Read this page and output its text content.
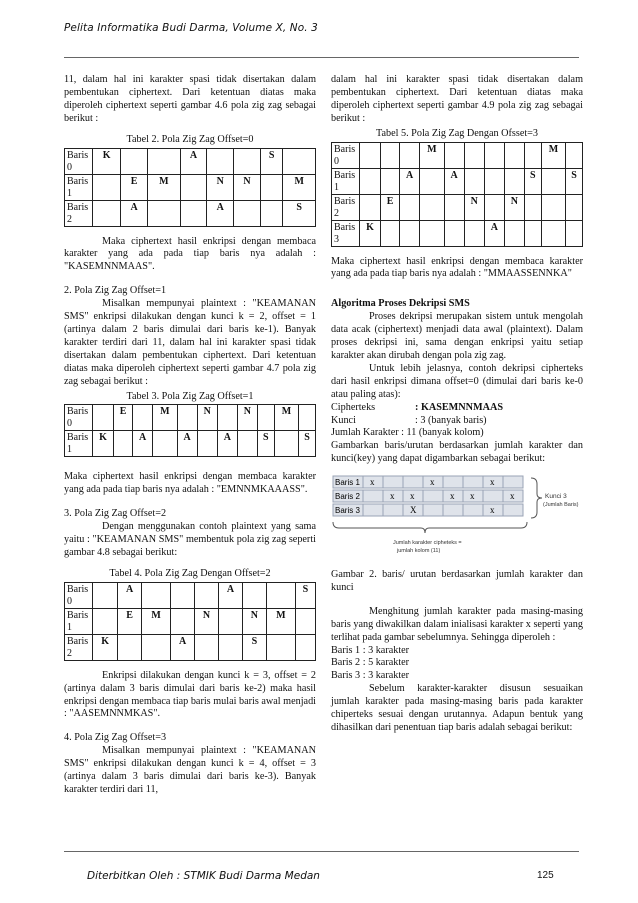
Pelita Informatika Budi Darma, Volume X, No. 3
11, dalam hal ini karakter spasi tidak disertakan dalam pembentukan ciphertext. Dari ketentuan diatas maka diperoleh ciphertext seperti gambar 4.6 pola zig zag sebagai berikut :
Tabel 2. Pola Zig Zag Offset=0
Baris 0	K			A			S	
Baris 1		E	M		N	N		M
Baris 2		A			A			S
Maka ciphertext hasil enkripsi dengan membaca karakter yang ada pada tiap baris nya adalah : "KASEMNNMAAS".
2. Pola Zig Zag Offset=1
Misalkan mempunyai plaintext : "KEAMANAN SMS" enkripsi dilakukan dengan kunci k = 2, offset = 1 (artinya dalam 2 baris dimulai dari baris ke-1). Banyak karakter terdiri dari 11, dalam hal ini karakter spasi tidak disertakan dalam pembentukan ciphertext. Dari ketentuan diatas maka diperoleh ciphertext seperti gambar 4.7 pola zig zag sebagai berikut :
Tabel 3. Pola Zig Zag Offset=1
Baris 0		E		M		N		N		M	
Baris 1	K		A		A		A		S		S
Maka ciphertext hasil enkripsi dengan membaca karakter yang ada pada tiap baris nya adalah : "EMNNMKAAASS".
3. Pola Zig Zag Offset=2
Dengan menggunakan contoh plaintext yang sama yaitu : "KEAMANAN SMS" membentuk pola zig zag seperti gambar 4.8 sebagai berikut:
Tabel 4. Pola Zig Zag Dengan Offset=2
Baris 0		A				A			S
Baris 1		E	M		N		N	M	
Baris 2	K			A			S		
Enkripsi dilakukan dengan kunci k = 3, offset = 2 (artinya dalam 3 baris dimulai dari baris ke-2) maka hasil enkripsi dengan membaca tiap baris mulai baris awal menjadi : "AASEMNNMKAS".
4. Pola Zig Zag Offset=3
Misalkan mempunyai plaintext : "KEAMANAN SMS" enkripsi dilakukan dengan kunci k = 4, offset = 3 (artinya dalam 3 baris dimulai dari baris ke-3). Banyak karakter terdiri dari 11,
dalam hal ini karakter spasi tidak disertakan dalam pembentukan ciphertext. Dari ketentuan diatas maka diperoleh ciphertext seperti gambar 4.9 pola zig zag sebagai berikut :
Tabel 5. Pola Zig Zag Dengan Ofsset=3
Baris 0				M						M	
Baris 1			A		A				S		S
Baris 2		E				N		N			
Baris 3	K						A				
Maka ciphertext hasil enkripsi dengan membaca karakter yang ada pada tiap baris nya adalah : "MMAASSENNKA"
Algoritma Proses Dekripsi SMS
Proses dekripsi merupakan sistem untuk mengolah data acak (ciphertext) menjadi data awal (plaintext). Dalam proses dekripsi ini, sama dengan enkripsi yaitu setiap karakter akan dirubah dengan pola zig zag.
Untuk lebih jelasnya, contoh dekripsi cipherteks dari hasil enkripsi dimana offset=0 (dimulai dari baris ke-0 atau paling atas):
Cipherteks	: KASEMNNMAAS
Kunci	: 3 (banyak baris)
Jumlah Karakter : 11 (banyak kolom)
Gambarkan baris/urutan berdasarkan jumlah karakter dan kunci(key) yang dapat digambarkan sebagai berikut:
Baris 1 x	x	x
Baris 2	x x	x x	x
Baris 3	X	x
Kunci 3
(Jumlah Baris)
Jumlah karakter cipheteks =
jumlah kolom (11)
Gambar 2. baris/ urutan berdasarkan jumlah karakter dan kunci
Menghitung jumlah karakter pada masing-masing baris yang diwakilkan dalam inialisasi karakter x seperti yang terlihat pada gambar sebelumnya. Sehingga diperoleh :
Baris 1 : 3 karakter
Baris 2 : 5 karakter
Baris 3 : 3 karakter
Sebelum karakter-karakter disusun sesuaikan jumlah karakter pada masing-masing baris pada karakter chiperteks sesuai dengan urutannya. Adapun bentuk yang dihasilkan dari penentuan tiap baris adalah sebagai berikut:
Diterbitkan Oleh : STMIK Budi Darma Medan	125
